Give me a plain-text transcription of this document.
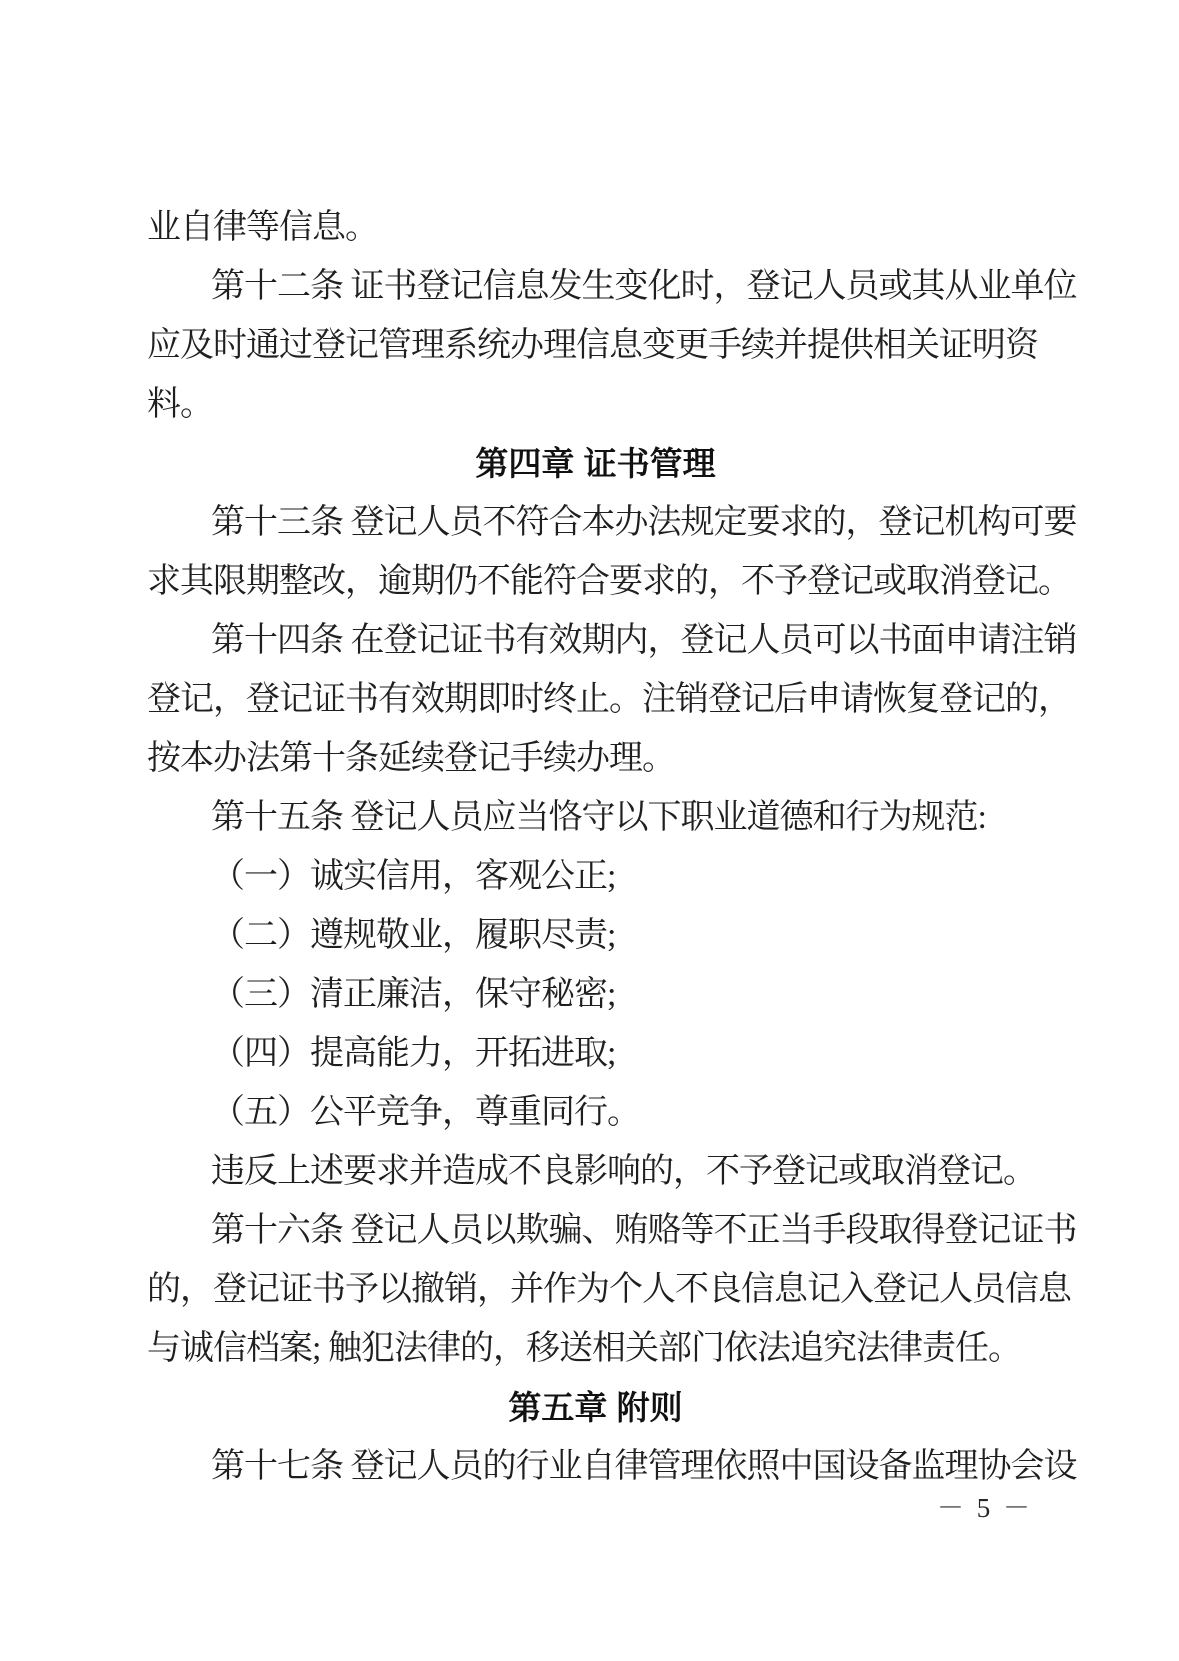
业自律等信息。
第十二条 证书登记信息发生变化时，登记人员或其从业单位
应及时通过登记管理系统办理信息变更手续并提供相关证明资
料。
第四章 证书管理
第十三条 登记人员不符合本办法规定要求的，登记机构可要
求其限期整改，逾期仍不能符合要求的，不予登记或取消登记。
第十四条 在登记证书有效期内，登记人员可以书面申请注销
登记，登记证书有效期即时终止。注销登记后申请恢复登记的，
按本办法第十条延续登记手续办理。
第十五条 登记人员应当恪守以下职业道德和行为规范:
（一）诚实信用，客观公正;
（二）遵规敬业，履职尽责;
（三）清正廉洁，保守秘密;
（四）提高能力，开拓进取;
（五）公平竞争，尊重同行。
违反上述要求并造成不良影响的，不予登记或取消登记。
第十六条 登记人员以欺骗、贿赂等不正当手段取得登记证书
的，登记证书予以撤销，并作为个人不良信息记入登记人员信息
与诚信档案; 触犯法律的，移送相关部门依法追究法律责任。
第五章 附则
第十七条 登记人员的行业自律管理依照中国设备监理协会设
－ 5 －
